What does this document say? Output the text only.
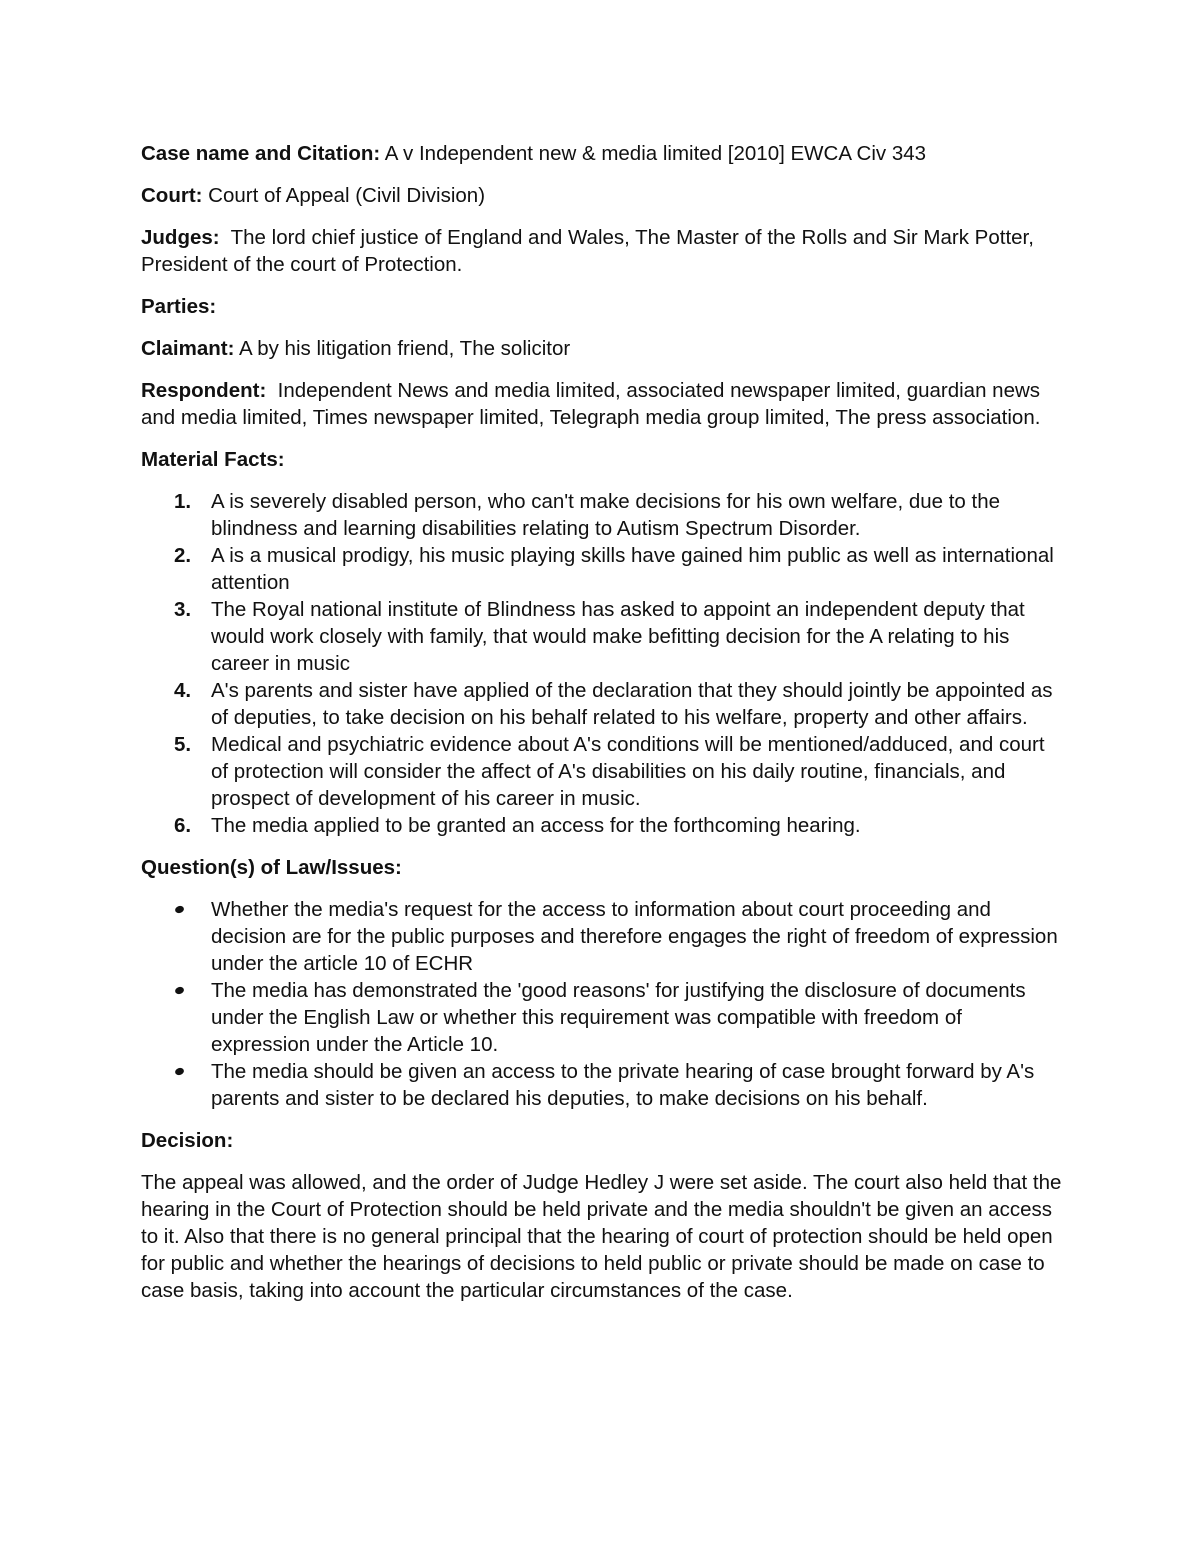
Case name and Citation: A v Independent new & media limited [2010] EWCA Civ 343

Court: Court of Appeal (Civil Division)

Judges:  The lord chief justice of England and Wales, The Master of the Rolls and Sir Mark Potter, President of the court of Protection.

Parties:

Claimant: A by his litigation friend, The solicitor

Respondent:  Independent News and media limited, associated newspaper limited, guardian news and media limited, Times newspaper limited, Telegraph media group limited, The press association.

Material Facts:

A is severely disabled person, who can't make decisions for his own welfare, due to the blindness and learning disabilities relating to Autism Spectrum Disorder.
A is a musical prodigy, his music playing skills have gained him public as well as international attention
The Royal national institute of Blindness has asked to appoint an independent deputy that would work closely with family, that would make befitting decision for the A relating to his career in music
A's parents and sister have applied of the declaration that they should jointly be appointed as of deputies, to take decision on his behalf related to his welfare, property and other affairs.
Medical and psychiatric evidence about A's conditions will be mentioned/adduced, and court of protection will consider the affect of A's disabilities on his daily routine, financials, and prospect of development of his career in music.
The media applied to be granted an access for the forthcoming hearing.

Question(s) of Law/Issues:

Whether the media's request for the access to information about court proceeding and decision are for the public purposes and therefore engages the right of freedom of expression under the article 10 of ECHR
The media has demonstrated the 'good reasons' for justifying the disclosure of documents under the English Law or whether this requirement was compatible with freedom of expression under the Article 10.
The media should be given an access to the private hearing of case brought forward by A's parents and sister to be declared his deputies, to make decisions on his behalf.

Decision:

The appeal was allowed, and the order of Judge Hedley J were set aside. The court also held that the hearing in the Court of Protection should be held private and the media shouldn't be given an access to it. Also that there is no general principal that the hearing of court of protection should be held open for public and whether the hearings of decisions to held public or private should be made on case to case basis, taking into account the particular circumstances of the case.
